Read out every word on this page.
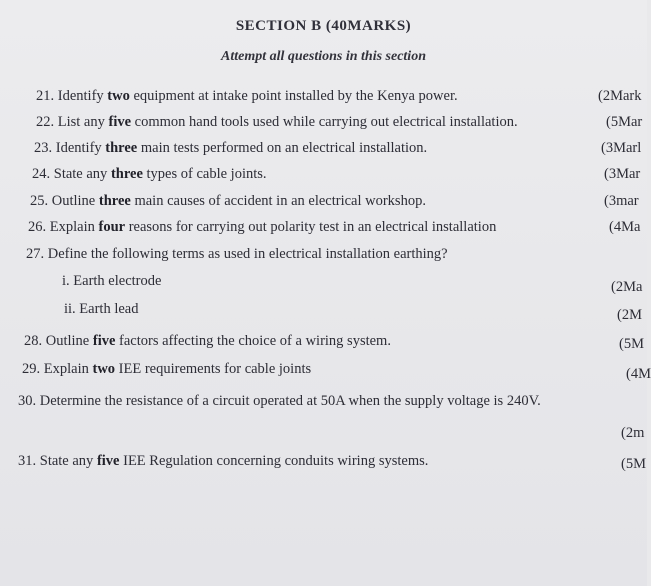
SECTION B (40MARKS)
Attempt all questions in this section
21. Identify two equipment at intake point installed by the Kenya power.	(2Mark
22. List any five common hand tools used while carrying out electrical installation.	(5Mar
23. Identify three main tests performed on an electrical installation.	(3Marl
24. State any three types of cable joints.	(3Mar
25. Outline three main causes of accident in an electrical workshop.	(3mar
26. Explain four reasons for carrying out polarity test in an electrical installation	(4Ma
27. Define the following terms as used in electrical installation earthing?
i. Earth electrode	(2Ma
ii. Earth lead	(2M
28. Outline five factors affecting the choice of a wiring system.	(5M
29. Explain two IEE requirements for cable joints	(4M
30. Determine the resistance of a circuit operated at 50A when the supply voltage is 240V.
(2m
31. State any five IEE Regulation concerning conduits wiring systems.	(5M
